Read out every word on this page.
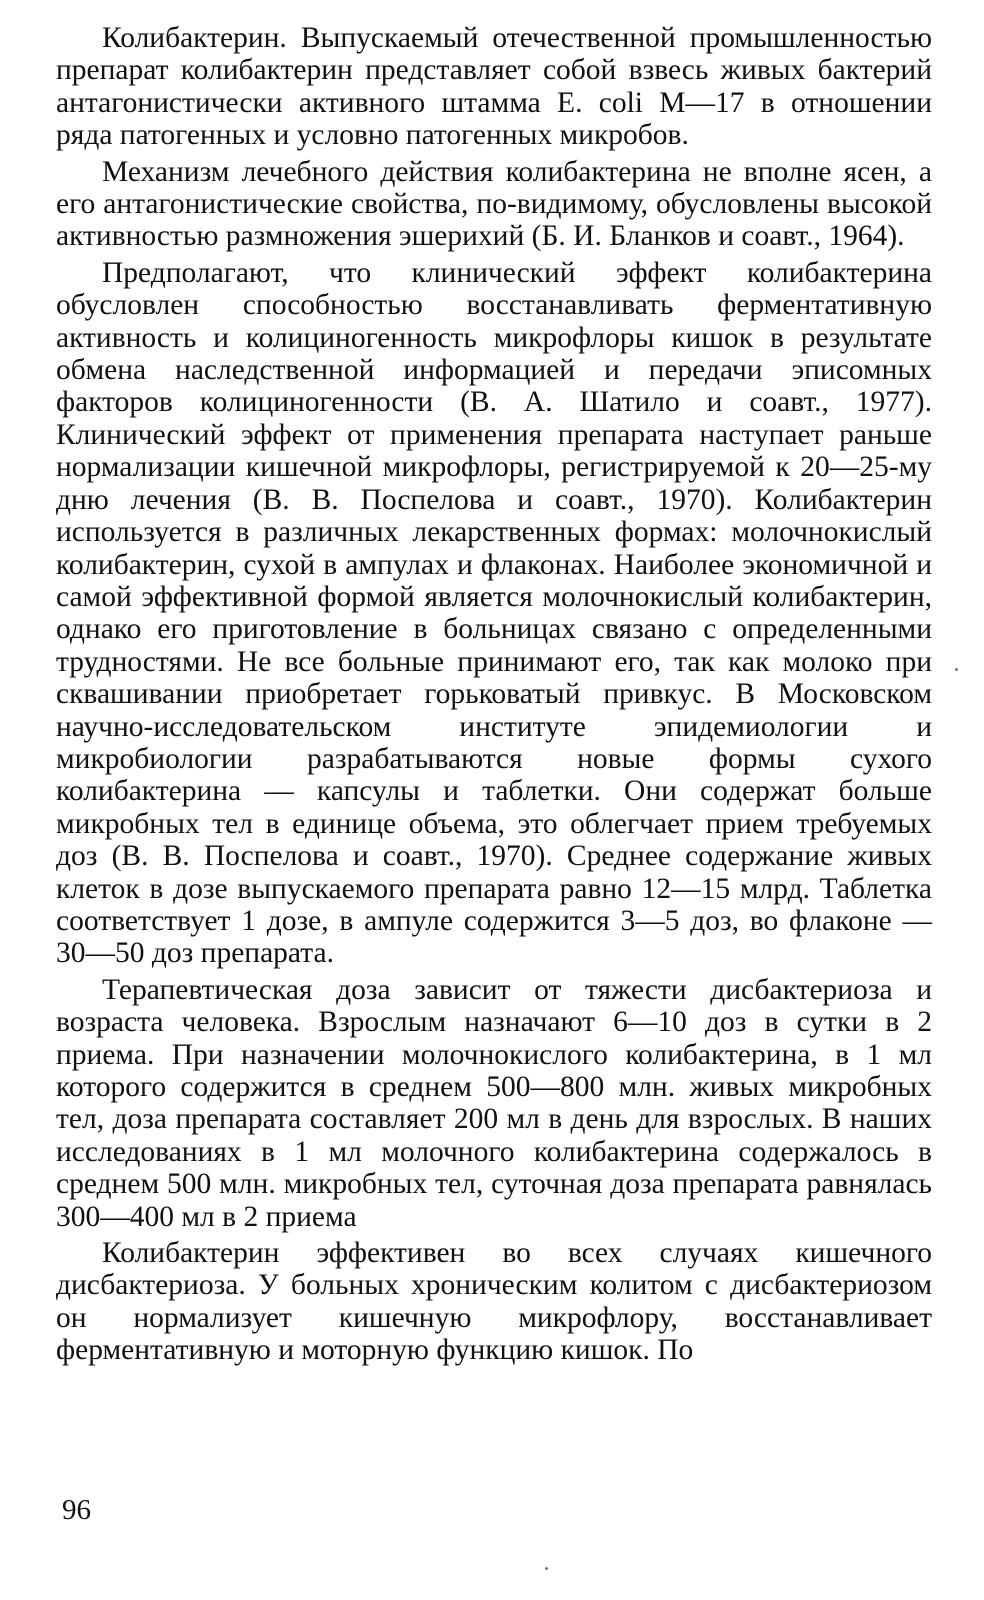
Колибактерин. Выпускаемый отечественной промышленностью препарат колибактерин представляет собой взвесь живых бактерий антагонистически активного штамма E. coli M—17 в отношении ряда патогенных и условно патогенных микробов.

Механизм лечебного действия колибактерина не вполне ясен, а его антагонистические свойства, по-видимому, обусловлены высокой активностью размножения эшерихий (Б. И. Бланков и соавт., 1964).

Предполагают, что клинический эффект колибактерина обусловлен способностью восстанавливать ферментативную активность и колициногенность микрофлоры кишок в результате обмена наследственной информацией и передачи эписомных факторов колициногенности (В. А. Шатило и соавт., 1977). Клинический эффект от применения препарата наступает раньше нормализации кишечной микрофлоры, регистрируемой к 20—25-му дню лечения (В. В. Поспелова и соавт., 1970). Колибактерин используется в различных лекарственных формах: молочнокислый колибактерин, сухой в ампулах и флаконах. Наиболее экономичной и самой эффективной формой является молочнокислый колибактерин, однако его приготовление в больницах связано с определенными трудностями. Не все больные принимают его, так как молоко при сквашивании приобретает горьковатый привкус. В Московском научно-исследовательском институте эпидемиологии и микробиологии разрабатываются новые формы сухого колибактерина — капсулы и таблетки. Они содержат больше микробных тел в единице объема, это облегчает прием требуемых доз (В. В. Поспелова и соавт., 1970). Среднее содержание живых клеток в дозе выпускаемого препарата равно 12—15 млрд. Таблетка соответствует 1 дозе, в ампуле содержится 3—5 доз, во флаконе — 30—50 доз препарата.

Терапевтическая доза зависит от тяжести дисбактериоза и возраста человека. Взрослым назначают 6—10 доз в сутки в 2 приема. При назначении молочнокислого колибактерина, в 1 мл которого содержится в среднем 500—800 млн. живых микробных тел, доза препарата составляет 200 мл в день для взрослых. В наших исследованиях в 1 мл молочного колибактерина содержалось в среднем 500 млн. микробных тел, суточная доза препарата равнялась 300—400 мл в 2 приема

Колибактерин эффективен во всех случаях кишечного дисбактериоза. У больных хроническим колитом с дисбактериозом он нормализует кишечную микрофлору, восстанавливает ферментативную и моторную функцию кишок. По

96
